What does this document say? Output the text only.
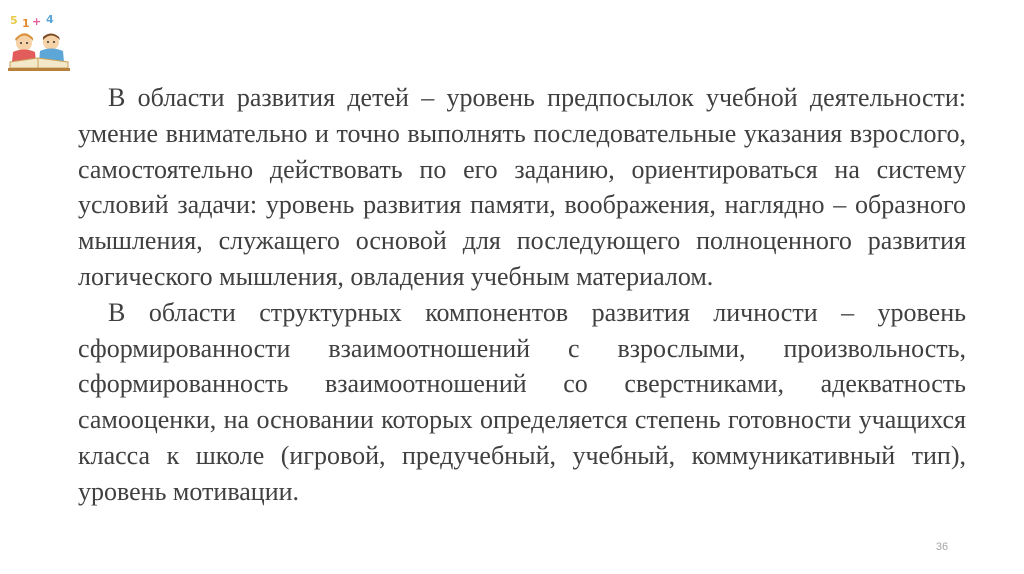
5 1 + 4

В области развития детей – уровень предпосылок учебной деятельности: умение внимательно и точно выполнять последовательные указания взрослого, самостоятельно действовать по его заданию, ориентироваться на систему условий задачи: уровень развития памяти, воображения, наглядно – образного мышления, служащего основой для последующего полноценного развития логического мышления, овладения учебным материалом.

В области структурных компонентов развития личности – уровень сформированности взаимоотношений с взрослыми, произвольность, сформированность взаимоотношений со сверстниками, адекватность самооценки, на основании которых определяется степень готовности учащихся класса к школе (игровой, предучебный, учебный, коммуникативный тип), уровень мотивации.

36
